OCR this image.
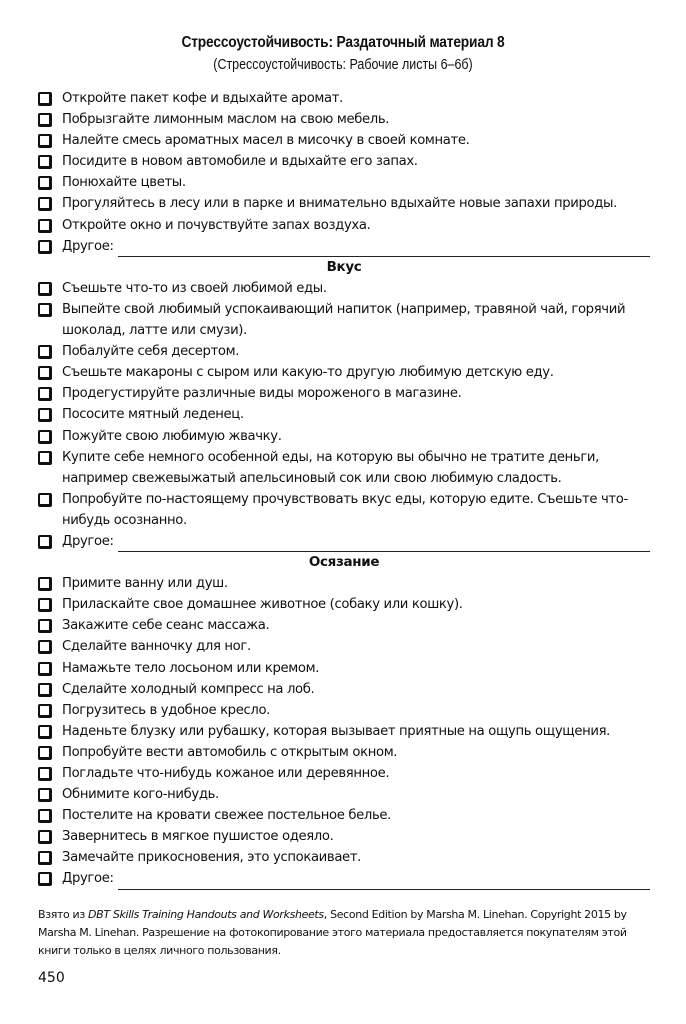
Стрессоустойчивость: Раздаточный материал 8
(Стрессоустойчивость: Рабочие листы 6–6б)
Откройте пакет кофе и вдыхайте аромат.
Побрызгайте лимонным маслом на свою мебель.
Налейте смесь ароматных масел в мисочку в своей комнате.
Посидите в новом автомобиле и вдыхайте его запах.
Понюхайте цветы.
Прогуляйтесь в лесу или в парке и внимательно вдыхайте новые запахи природы.
Откройте окно и почувствуйте запах воздуха.
Другое:
Вкус
Съешьте что-то из своей любимой еды.
Выпейте свой любимый успокаивающий напиток (например, травяной чай, горячий шоколад, латте или смузи).
Побалуйте себя десертом.
Съешьте макароны с сыром или какую-то другую любимую детскую еду.
Продегустируйте различные виды мороженого в магазине.
Пососите мятный леденец.
Пожуйте свою любимую жвачку.
Купите себе немного особенной еды, на которую вы обычно не тратите деньги, например свежевыжатый апельсиновый сок или свою любимую сладость.
Попробуйте по-настоящему прочувствовать вкус еды, которую едите. Съешьте что-нибудь осознанно.
Другое:
Осязание
Примите ванну или душ.
Приласкайте свое домашнее животное (собаку или кошку).
Закажите себе сеанс массажа.
Сделайте ванночку для ног.
Намажьте тело лосьоном или кремом.
Сделайте холодный компресс на лоб.
Погрузитесь в удобное кресло.
Наденьте блузку или рубашку, которая вызывает приятные на ощупь ощущения.
Попробуйте вести автомобиль с открытым окном.
Погладьте что-нибудь кожаное или деревянное.
Обнимите кого-нибудь.
Постелите на кровати свежее постельное белье.
Завернитесь в мягкое пушистое одеяло.
Замечайте прикосновения, это успокаивает.
Другое:
Взято из DBT Skills Training Handouts and Worksheets, Second Edition by Marsha M. Linehan. Copyright 2015 by Marsha M. Linehan. Разрешение на фотокопирование этого материала предоставляется покупателям этой книги только в целях личного пользования.
450
